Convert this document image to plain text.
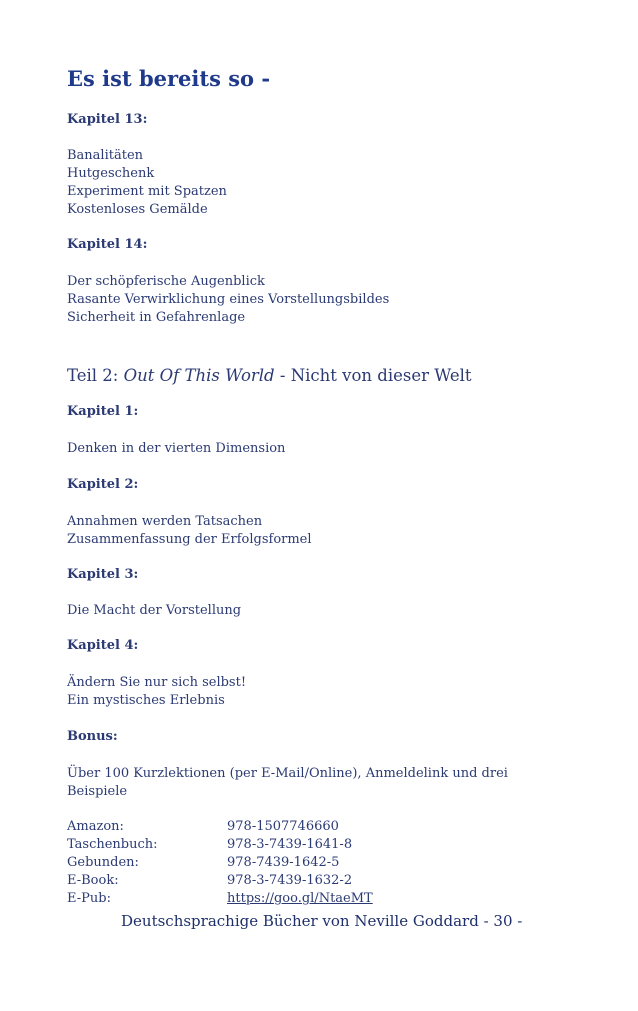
Es ist bereits so -
Kapitel 13:
Banalitäten
Hutgeschenk
Experiment mit Spatzen
Kostenloses Gemälde
Kapitel 14:
Der schöpferische Augenblick
Rasante Verwirklichung eines Vorstellungsbildes
Sicherheit in Gefahrenlage
Teil 2: Out Of This World - Nicht von dieser Welt
Kapitel 1:
Denken in der vierten Dimension
Kapitel 2:
Annahmen werden Tatsachen
Zusammenfassung der Erfolgsformel
Kapitel 3:
Die Macht der Vorstellung
Kapitel 4:
Ändern Sie nur sich selbst!
Ein mystisches Erlebnis
Bonus:
Über 100 Kurzlektionen (per E-Mail/Online), Anmeldelink und drei
Beispiele
Amazon:	978-1507746660
Taschenbuch:	978-3-7439-1641-8
Gebunden:	978-7439-1642-5
E-Book:	978-3-7439-1632-2
E-Pub:	https://goo.gl/NtaeMT
Deutschsprachige Bücher von Neville Goddard - 30 -
